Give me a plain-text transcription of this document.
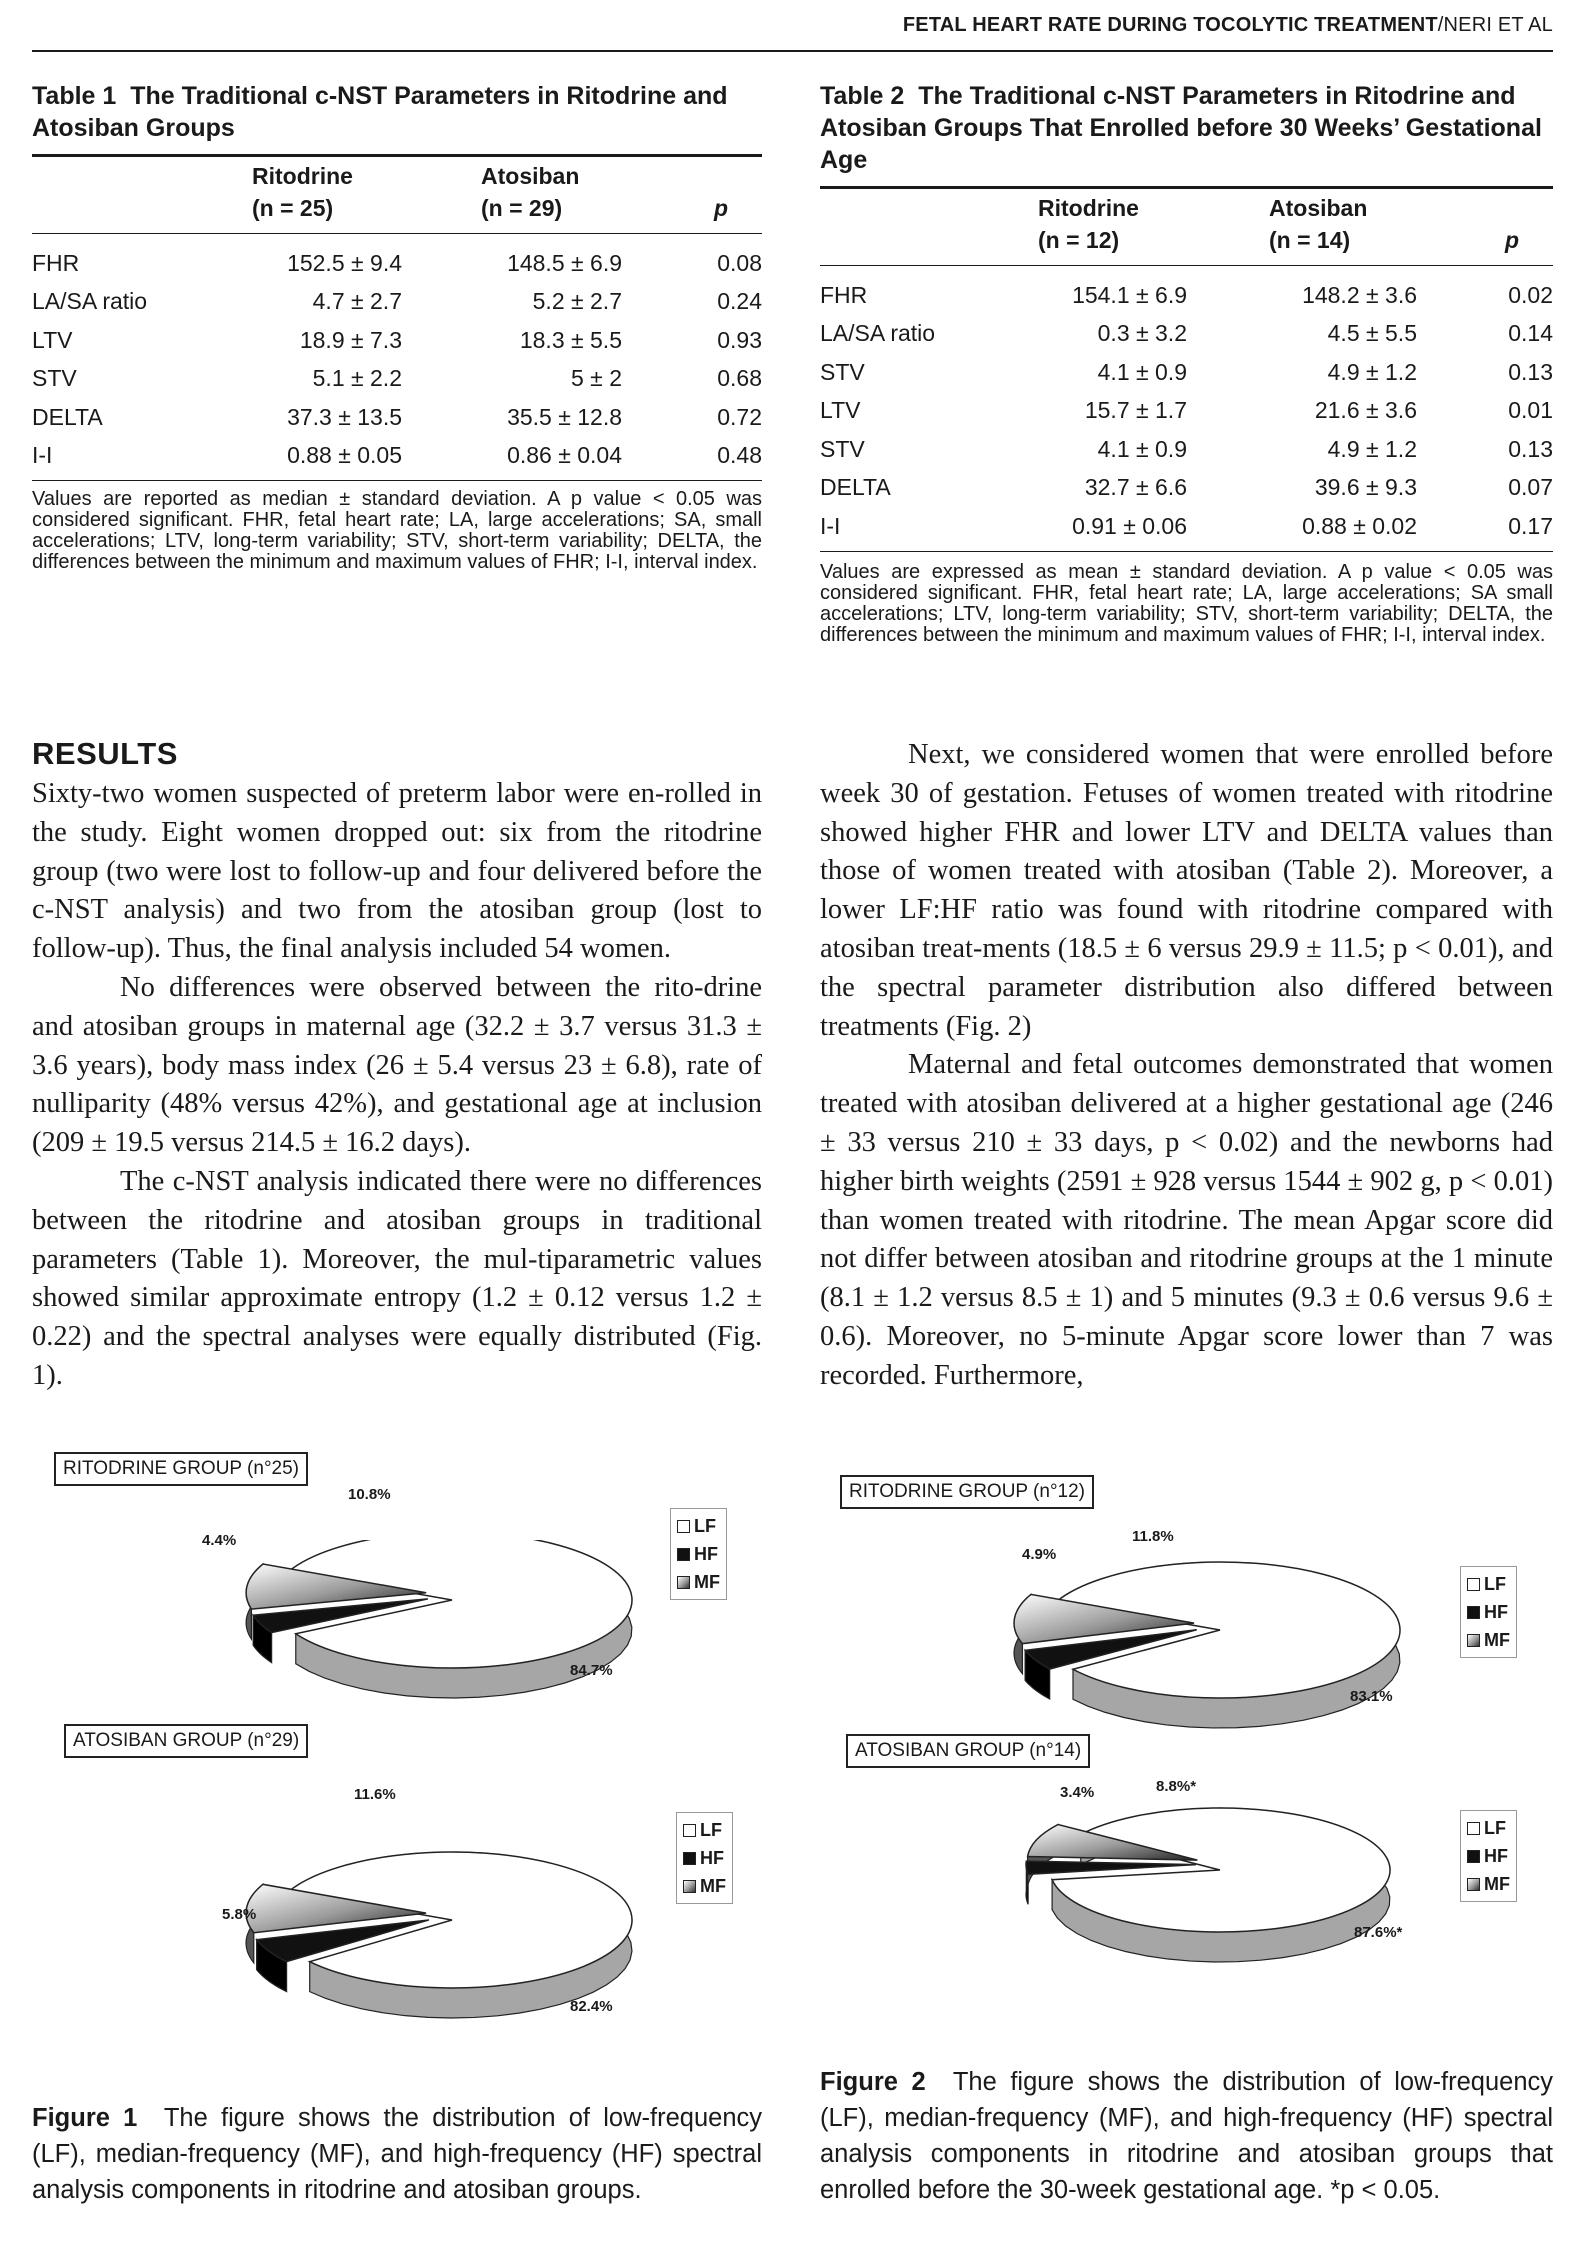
FETAL HEART RATE DURING TOCOLYTIC TREATMENT/NERI ET AL
Table 1 The Traditional c-NST Parameters in Ritodrine and Atosiban Groups
Ritodrine
(n = 25)
Atosiban
(n = 29)	p
FHR	152.5 ± 9.4	148.5 ± 6.9	0.08
LA/SA ratio	4.7 ± 2.7	5.2 ± 2.7	0.24
LTV	18.9 ± 7.3	18.3 ± 5.5	0.93
STV	5.1 ± 2.2	5 ± 2	0.68
DELTA	37.3 ± 13.5	35.5 ± 12.8	0.72
I-I	0.88 ± 0.05	0.86 ± 0.04	0.48
Values are reported as median ± standard deviation. A p value < 0.05 was considered significant. FHR, fetal heart rate; LA, large accelerations; SA, small accelerations; LTV, long-term variability; STV, short-term variability; DELTA, the differences between the minimum and maximum values of FHR; I-I, interval index.
Table 2 The Traditional c-NST Parameters in Ritodrine and Atosiban Groups That Enrolled before 30 Weeks’ Gestational Age
Ritodrine
(n = 12)
Atosiban
(n = 14)	p
FHR	154.1 ± 6.9	148.2 ± 3.6	0.02
LA/SA ratio	0.3 ± 3.2	4.5 ± 5.5	0.14
STV	4.1 ± 0.9	4.9 ± 1.2	0.13
LTV	15.7 ± 1.7	21.6 ± 3.6	0.01
STV	4.1 ± 0.9	4.9 ± 1.2	0.13
DELTA	32.7 ± 6.6	39.6 ± 9.3	0.07
I-I	0.91 ± 0.06	0.88 ± 0.02	0.17
Values are expressed as mean ± standard deviation. A p value < 0.05 was considered significant. FHR, fetal heart rate; LA, large accelerations; SA small accelerations; LTV, long-term variability; STV, short-term variability; DELTA, the differences between the minimum and maximum values of FHR; I-I, interval index.
RESULTS

Sixty-two women suspected of preterm labor were en-rolled in the study. Eight women dropped out: six from the ritodrine group (two were lost to follow-up and four delivered before the c-NST analysis) and two from the atosiban group (lost to follow-up). Thus, the final analysis included 54 women.

No differences were observed between the rito-drine and atosiban groups in maternal age (32.2 ± 3.7 versus 31.3 ± 3.6 years), body mass index (26 ± 5.4 versus 23 ± 6.8), rate of nulliparity (48% versus 42%), and gestational age at inclusion (209 ± 19.5 versus 214.5 ± 16.2 days).

The c-NST analysis indicated there were no differences between the ritodrine and atosiban groups in traditional parameters (Table 1). Moreover, the mul-tiparametric values showed similar approximate entropy (1.2 ± 0.12 versus 1.2 ± 0.22) and the spectral analyses were equally distributed (Fig. 1).

Next, we considered women that were enrolled before week 30 of gestation. Fetuses of women treated with ritodrine showed higher FHR and lower LTV and DELTA values than those of women treated with atosiban (Table 2). Moreover, a lower LF:HF ratio was found with ritodrine compared with atosiban treat-ments (18.5 ± 6 versus 29.9 ± 11.5; p < 0.01), and the spectral parameter distribution also differed between treatments (Fig. 2)

Maternal and fetal outcomes demonstrated that women treated with atosiban delivered at a higher gestational age (246 ± 33 versus 210 ± 33 days, p < 0.02) and the newborns had higher birth weights (2591 ± 928 versus 1544 ± 902 g, p < 0.01) than women treated with ritodrine. The mean Apgar score did not differ between atosiban and ritodrine groups at the 1 minute (8.1 ± 1.2 versus 8.5 ± 1) and 5 minutes (9.3 ± 0.6 versus 9.6 ± 0.6). Moreover, no 5-minute Apgar score lower than 7 was recorded. Furthermore,

RITODRINE GROUP (n°25)
10.8%
4.4%
84.7%
LF
HF
MF
ATOSIBAN GROUP (n°29)
11.6%
5.8%
82.4%
LF
HF
MF
RITODRINE GROUP (n°12)
11.8%
4.9%
83.1%
LF
HF
MF
ATOSIBAN GROUP (n°14)
3.4%	8.8%*
87.6%*
LF
HF
MF
Figure 1 The figure shows the distribution of low-frequency (LF), median-frequency (MF), and high-frequency (HF) spectral analysis components in ritodrine and atosiban groups.
Figure 2 The figure shows the distribution of low-frequency (LF), median-frequency (MF), and high-frequency (HF) spectral analysis components in ritodrine and atosiban groups that enrolled before the 30-week gestational age. *p < 0.05.
